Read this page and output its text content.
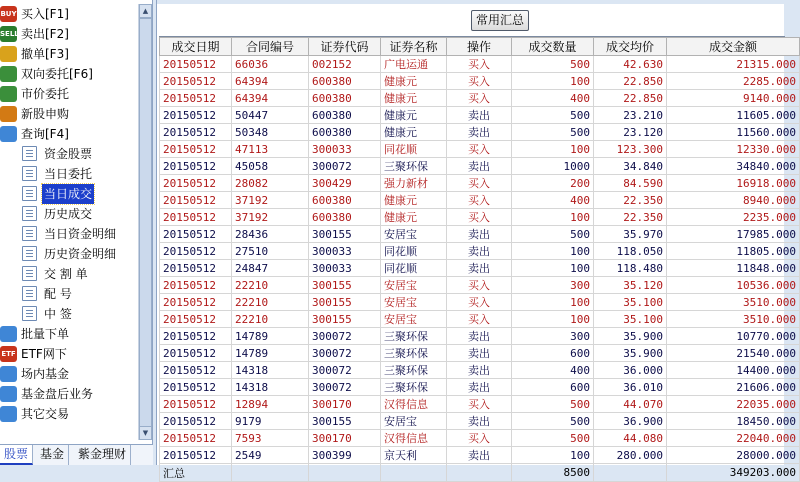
BUY 买入[F1]
SELL 卖出[F2]
撤单[F3]
双向委托[F6]
市价委托
新股申购
查询[F4]
资金股票
当日委托
当日成交
历史成交
当日资金明细
历史资金明细
交 割 单
配 号
中 签
批量下单
ETF ETF网下
场内基金
基金盘后业务
其它交易
▲
▼
股票 基金	紫金理财
常用汇总
成交日期	合同编号	证券代码	证券名称	操作	成交数量	成交均价	成交金额
20150512	66036	002152	广电运通	买入	500	42.630	21315.000
20150512	64394	600380	健康元	买入	100	22.850	2285.000
20150512	64394	600380	健康元	买入	400	22.850	9140.000
20150512	50447	600380	健康元	卖出	500	23.210	11605.000
20150512	50348	600380	健康元	卖出	500	23.120	11560.000
20150512	47113	300033	同花顺	买入	100	123.300	12330.000
20150512	45058	300072	三聚环保	卖出	1000	34.840	34840.000
20150512	28082	300429	强力新材	买入	200	84.590	16918.000
20150512	37192	600380	健康元	买入	400	22.350	8940.000
20150512	37192	600380	健康元	买入	100	22.350	2235.000
20150512	28436	300155	安居宝	卖出	500	35.970	17985.000
20150512	27510	300033	同花顺	卖出	100	118.050	11805.000
20150512	24847	300033	同花顺	卖出	100	118.480	11848.000
20150512	22210	300155	安居宝	买入	300	35.120	10536.000
20150512	22210	300155	安居宝	买入	100	35.100	3510.000
20150512	22210	300155	安居宝	买入	100	35.100	3510.000
20150512	14789	300072	三聚环保	卖出	300	35.900	10770.000
20150512	14789	300072	三聚环保	卖出	600	35.900	21540.000
20150512	14318	300072	三聚环保	卖出	400	36.000	14400.000
20150512	14318	300072	三聚环保	卖出	600	36.010	21606.000
20150512	12894	300170	汉得信息	买入	500	44.070	22035.000
20150512	9179	300155	安居宝	卖出	500	36.900	18450.000
20150512	7593	300170	汉得信息	买入	500	44.080	22040.000
20150512	2549	300399	京天利	卖出	100	280.000	28000.000
汇总					8500		349203.000
